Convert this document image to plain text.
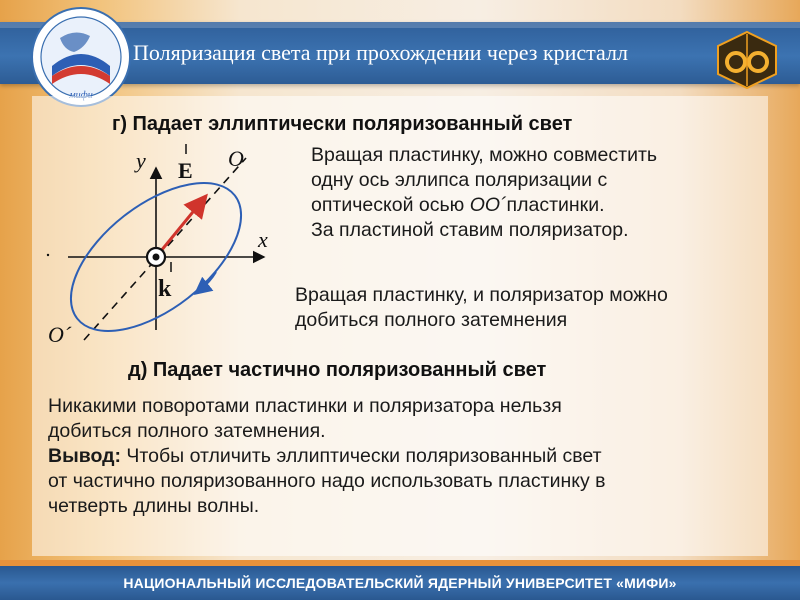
Поляризация света при прохождении через кристалл
г) Падает эллиптически поляризованный свет
Вращая пластинку, можно совместить
одну ось эллипса поляризации с
оптической осью OO´пластинки.
За пластиной ставим поляризатор.
Вращая пластинку, и поляризатор можно
добиться полного затемнения
y E O
x
k
O´
д) Падает частично поляризованный свет
Никакими поворотами пластинки и поляризатора нельзя
добиться полного затемнения.
Вывод: Чтобы отличить эллиптически поляризованный свет
от частично поляризованного надо использовать пластинку в
четверть длины волны.
НАЦИОНАЛЬНЫЙ ИССЛЕДОВАТЕЛЬСКИЙ ЯДЕРНЫЙ УНИВЕРСИТЕТ «МИФИ»
